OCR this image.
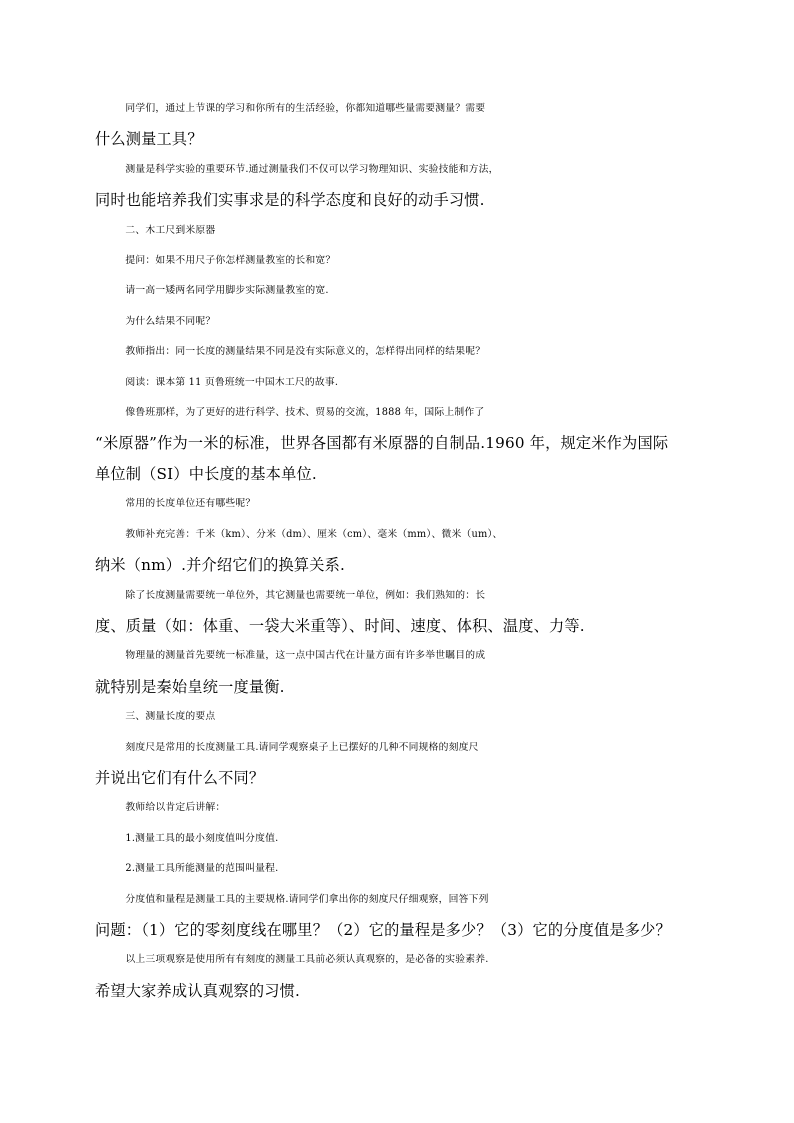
同学们，通过上节课的学习和你所有的生活经验，你都知道哪些量需要测量？需要
什么测量工具？

测量是科学实验的重要环节.通过测量我们不仅可以学习物理知识、实验技能和方法，
同时也能培养我们实事求是的科学态度和良好的动手习惯.

二、木工尺到米原器

提问：如果不用尺子你怎样测量教室的长和宽？

请一高一矮两名同学用脚步实际测量教室的宽.

为什么结果不同呢？

教师指出：同一长度的测量结果不同是没有实际意义的，怎样得出同样的结果呢？

阅读：课本第 11 页鲁班统一中国木工尺的故事.

像鲁班那样，为了更好的进行科学、技术、贸易的交流，1888 年，国际上制作了
“米原器”作为一米的标准，世界各国都有米原器的自制品.1960 年，规定米作为国际
单位制（SI）中长度的基本单位.

常用的长度单位还有哪些呢？

教师补充完善：千米（km）、分米（dm）、厘米（cm）、毫米（mm）、微米（um）、
纳米（nm）.并介绍它们的换算关系.

除了长度测量需要统一单位外，其它测量也需要统一单位，例如：我们熟知的：长
度、质量（如：体重、一袋大米重等）、时间、速度、体积、温度、力等.

物理量的测量首先要统一标准量，这一点中国古代在计量方面有许多举世瞩目的成
就特别是秦始皇统一度量衡.

三、测量长度的要点

刻度尺是常用的长度测量工具.请同学观察桌子上已摆好的几种不同规格的刻度尺
并说出它们有什么不同？

教师给以肯定后讲解：

1.测量工具的最小刻度值叫分度值.

2.测量工具所能测量的范围叫量程.

分度值和量程是测量工具的主要规格.请同学们拿出你的刻度尺仔细观察，回答下列
问题：（1）它的零刻度线在哪里？（2）它的量程是多少？（3）它的分度值是多少？

以上三项观察是使用所有有刻度的测量工具前必须认真观察的，是必备的实验素养.
希望大家养成认真观察的习惯.
